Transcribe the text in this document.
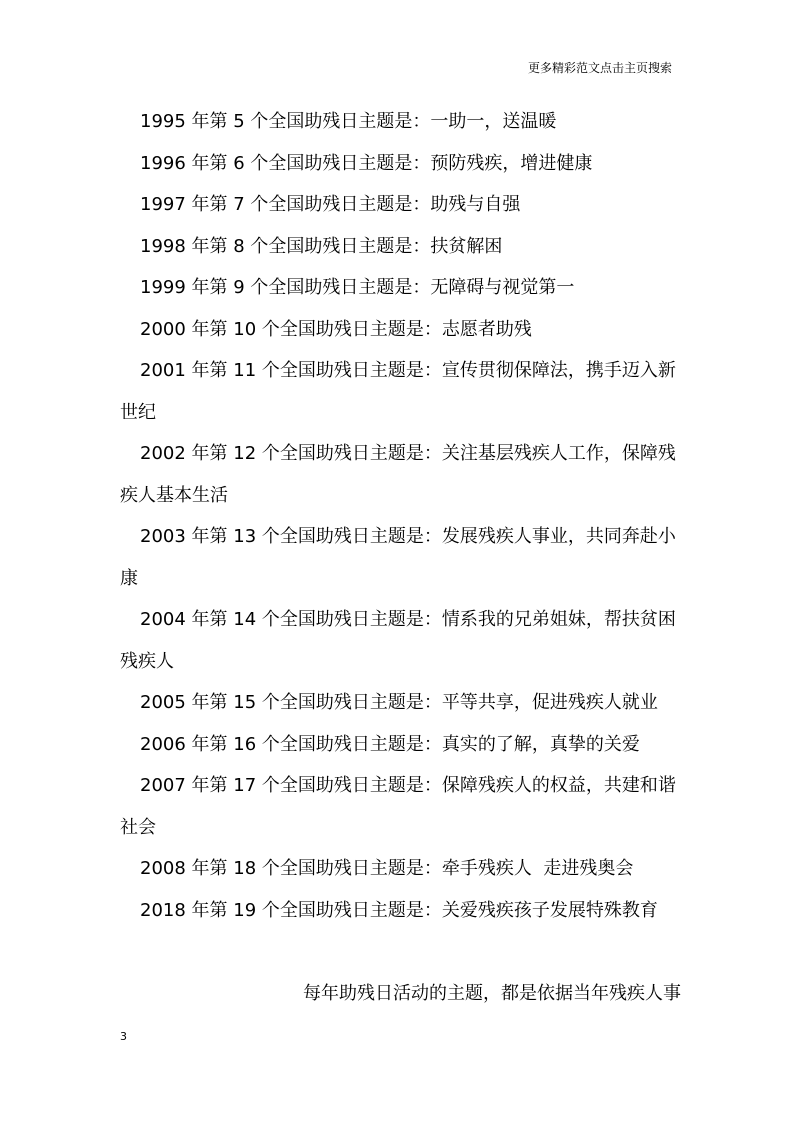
更多精彩范文点击主页搜索

1995 年第 5 个全国助残日主题是：一助一，送温暖

1996 年第 6 个全国助残日主题是：预防残疾，增进健康

1997 年第 7 个全国助残日主题是：助残与自强

1998 年第 8 个全国助残日主题是：扶贫解困

1999 年第 9 个全国助残日主题是：无障碍与视觉第一

2000 年第 10 个全国助残日主题是：志愿者助残

2001 年第 11 个全国助残日主题是：宣传贯彻保障法，携手迈入新世纪

2002 年第 12 个全国助残日主题是：关注基层残疾人工作，保障残疾人基本生活

2003 年第 13 个全国助残日主题是：发展残疾人事业，共同奔赴小康

2004 年第 14 个全国助残日主题是：情系我的兄弟姐妹，帮扶贫困残疾人

2005 年第 15 个全国助残日主题是：平等共享，促进残疾人就业

2006 年第 16 个全国助残日主题是：真实的了解，真挚的关爱

2007 年第 17 个全国助残日主题是：保障残疾人的权益，共建和谐社会

2008 年第 18 个全国助残日主题是：牵手残疾人  走进残奥会

2018 年第 19 个全国助残日主题是：关爱残疾孩子发展特殊教育

每年助残日活动的主题，都是依据当年残疾人事
3
